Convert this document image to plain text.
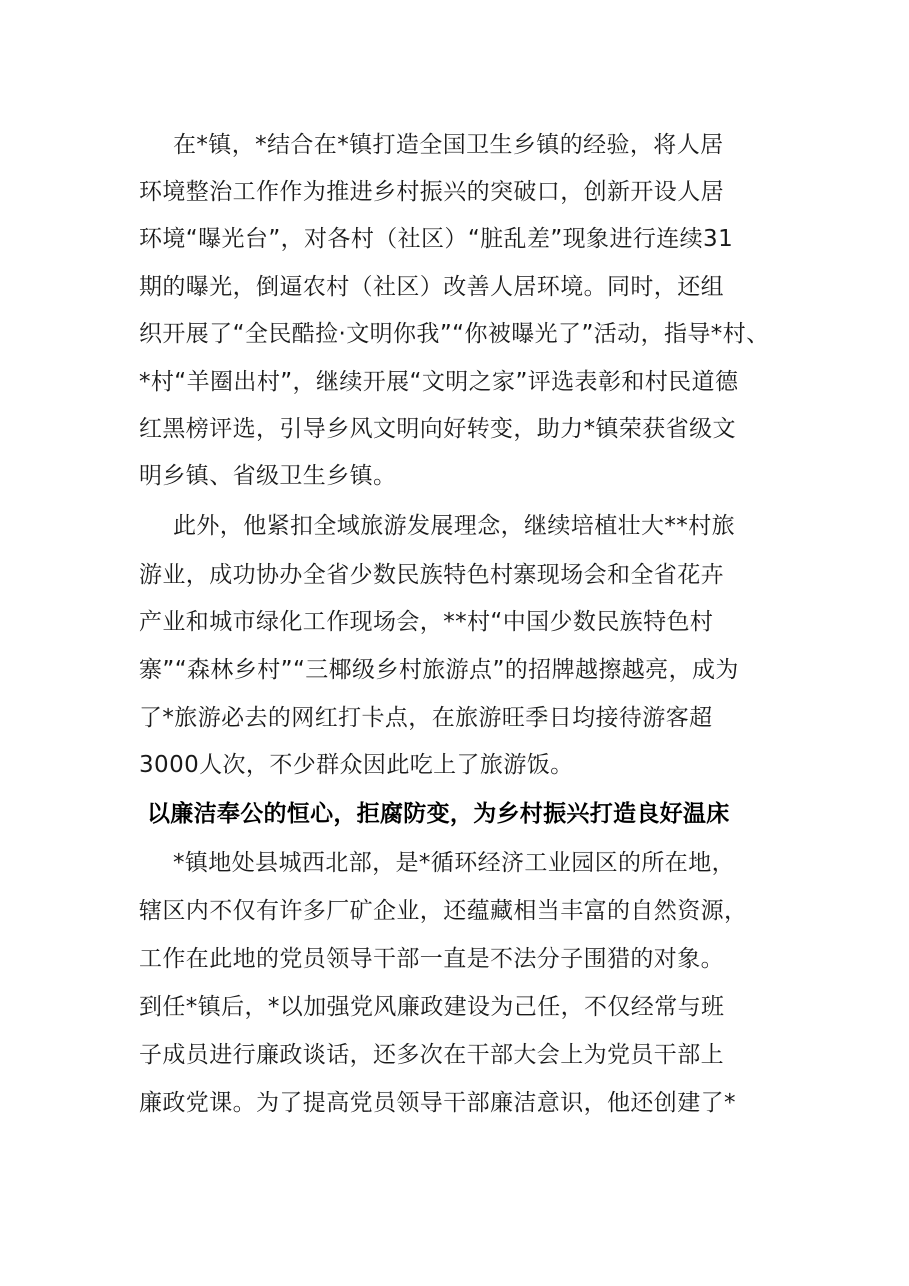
在*镇，*结合在*镇打造全国卫生乡镇的经验，将人居
环境整治工作作为推进乡村振兴的突破口，创新开设人居
环境“曝光台”，对各村（社区）“脏乱差”现象进行连续31
期的曝光，倒逼农村（社区）改善人居环境。同时，还组
织开展了“全民酷捡·文明你我”“你被曝光了”活动，指导*村、
*村“羊圈出村”，继续开展“文明之家”评选表彰和村民道德
红黑榜评选，引导乡风文明向好转变，助力*镇荣获省级文
明乡镇、省级卫生乡镇。
此外，他紧扣全域旅游发展理念，继续培植壮大**村旅
游业，成功协办全省少数民族特色村寨现场会和全省花卉
产业和城市绿化工作现场会，**村“中国少数民族特色村
寨”“森林乡村”“三椰级乡村旅游点”的招牌越擦越亮，成为
了*旅游必去的网红打卡点，在旅游旺季日均接待游客超
3000人次，不少群众因此吃上了旅游饭。
以廉洁奉公的恒心，拒腐防变，为乡村振兴打造良好温床
*镇地处县城西北部，是*循环经济工业园区的所在地，
辖区内不仅有许多厂矿企业，还蕴藏相当丰富的自然资源，
工作在此地的党员领导干部一直是不法分子围猎的对象。
到任*镇后，*以加强党风廉政建设为己任，不仅经常与班
子成员进行廉政谈话，还多次在干部大会上为党员干部上
廉政党课。为了提高党员领导干部廉洁意识，他还创建了*
